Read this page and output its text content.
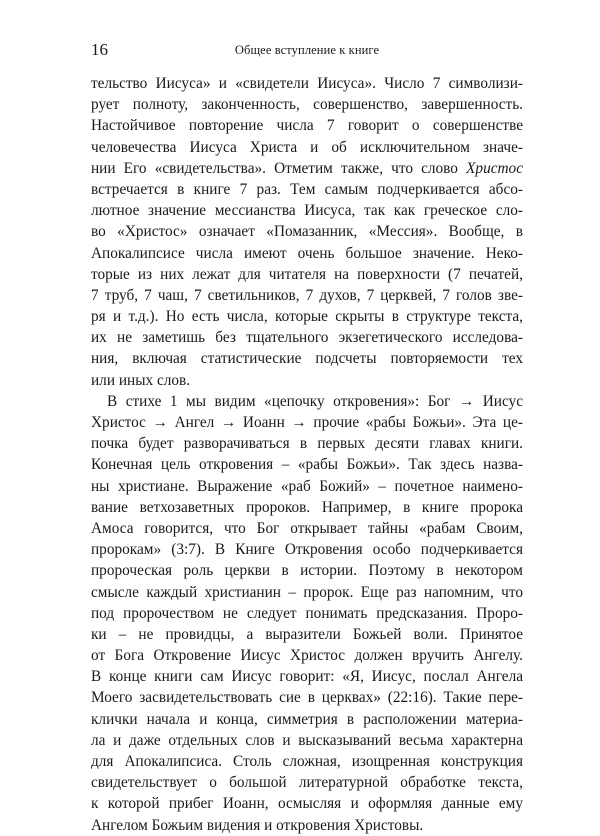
16	Общее вступление к книге
тельство Иисуса» и «свидетели Иисуса». Число 7 символизи-
рует полноту, законченность, совершенство, завершенность.
Настойчивое повторение числа 7 говорит о совершенстве
человечества Иисуса Христа и об исключительном значе-
нии Его «свидетельства». Отметим также, что слово Христос
встречается в книге 7 раз. Тем самым подчеркивается абсо-
лютное значение мессианства Иисуса, так как греческое сло-
во «Христос» означает «Помазанник, «Мессия». Вообще, в
Апокалипсисе числа имеют очень большое значение. Неко-
торые из них лежат для читателя на поверхности (7 печатей,
7 труб, 7 чаш, 7 светильников, 7 духов, 7 церквей, 7 голов зве-
ря и т.д.). Но есть числа, которые скрыты в структуре текста,
их не заметишь без тщательного экзегетического исследова-
ния, включая статистические подсчеты повторяемости тех
или иных слов.
В стихе 1 мы видим «цепочку откровения»: Бог → Иисус
Христос → Ангел → Иоанн → прочие «рабы Божьи». Эта це-
почка будет разворачиваться в первых десяти главах книги.
Конечная цель откровения – «рабы Божьи». Так здесь назва-
ны христиане. Выражение «раб Божий» – почетное наимено-
вание ветхозаветных пророков. Например, в книге пророка
Амоса говорится, что Бог открывает тайны «рабам Своим,
пророкам» (3:7). В Книге Откровения особо подчеркивается
пророческая роль церкви в истории. Поэтому в некотором
смысле каждый христианин – пророк. Еще раз напомним, что
под пророчеством не следует понимать предсказания. Проро-
ки – не провидцы, а выразители Божьей воли. Принятое
от Бога Откровение Иисус Христос должен вручить Ангелу.
В конце книги сам Иисус говорит: «Я, Иисус, послал Ангела
Моего засвидетельствовать сие в церквах» (22:16). Такие пере-
клички начала и конца, симметрия в расположении материа-
ла и даже отдельных слов и высказываний весьма характерна
для Апокалипсиса. Столь сложная, изощренная конструкция
свидетельствует о большой литературной обработке текста,
к которой прибег Иоанн, осмысляя и оформляя данные ему
Ангелом Божьим видения и откровения Христовы.
